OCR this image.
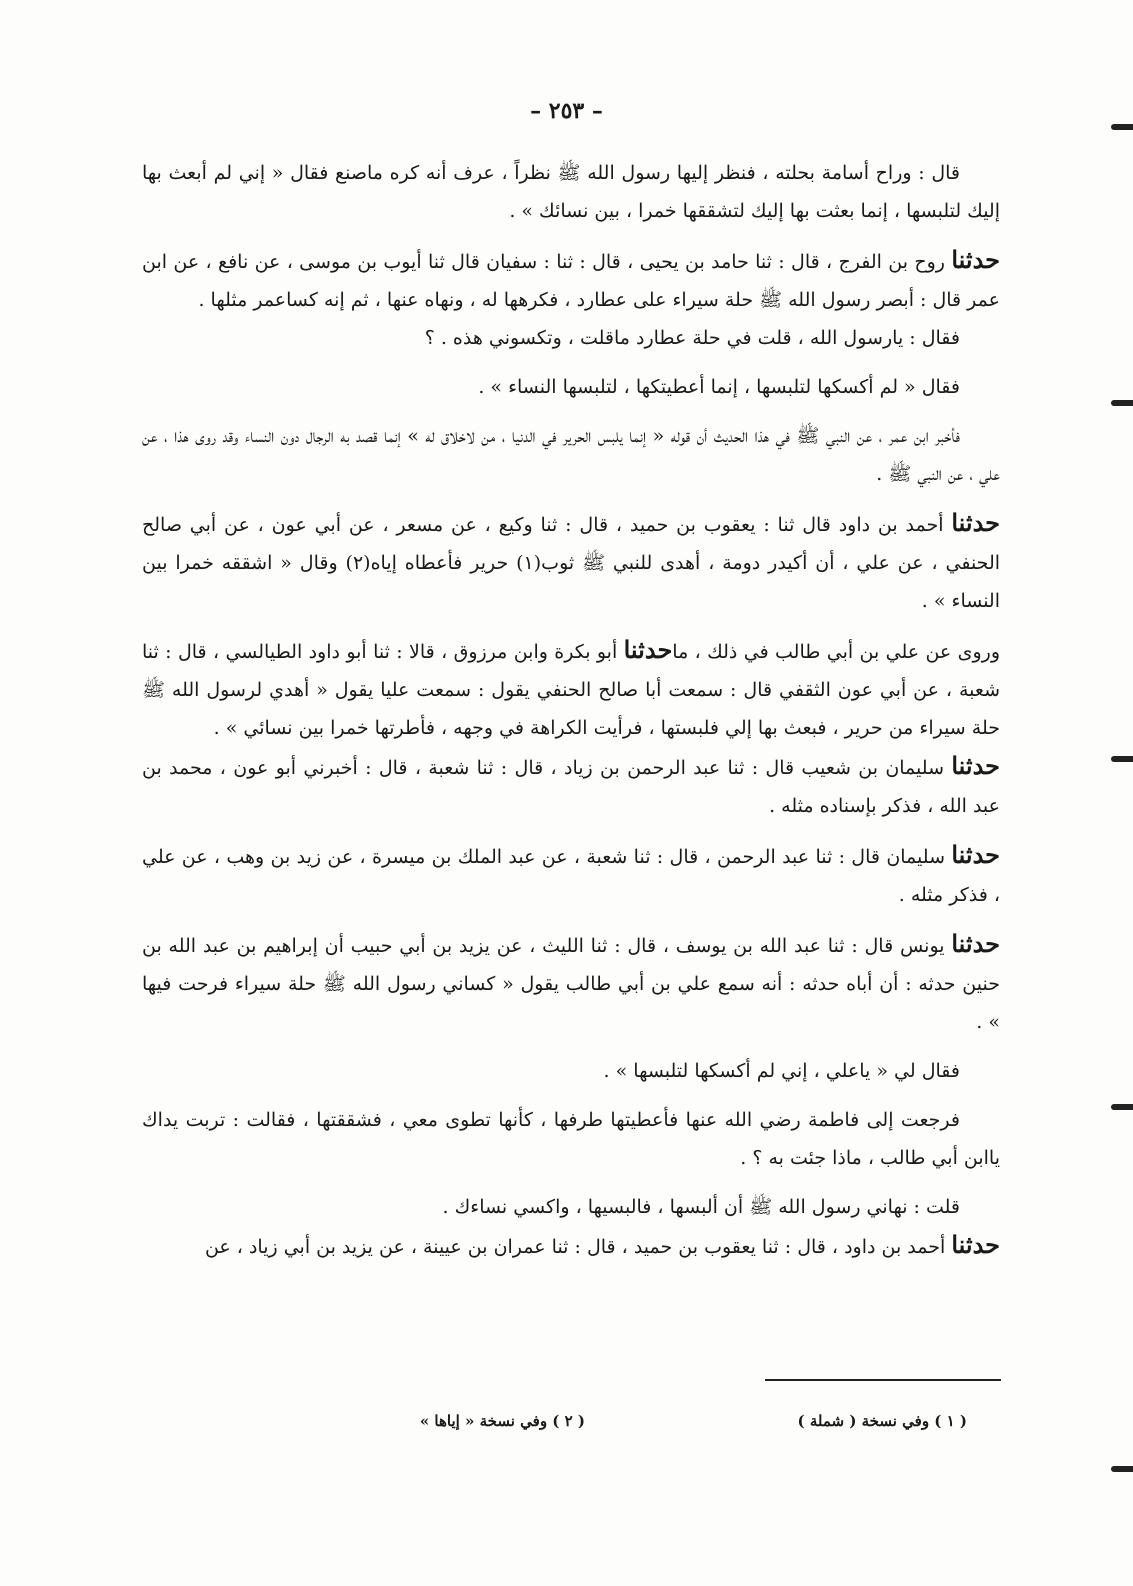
– ٢٥٣ –

قال : وراح أسامة بحلته ، فنظر إليها رسول الله ﷺ نظراً ، عرف أنه كره ماصنع فقال « إني لم أبعث بها إليك لتلبسها ، إنما بعثت بها إليك لتشققها خمرا ، بين نسائك » .

حدثنا روح بن الفرج ، قال : ثنا حامد بن يحيى ، قال : ثنا : سفيان قال ثنا أيوب بن موسى ، عن نافع ، عن ابن عمر قال : أبصر رسول الله ﷺ حلة سيراء على عطارد ، فكرهها له ، ونهاه عنها ، ثم إنه كساعمر مثلها .

فقال : يارسول الله ، قلت في حلة عطارد ماقلت ، وتكسوني هذه . ؟

فقال « لم أكسكها لتلبسها ، إنما أعطيتكها ، لتلبسها النساء » .

فأخبر ابن عمر ، عن النبي ﷺ في هذا الحديث أن قوله « إنما يلبس الحرير في الدنيا ، من لاخلاق له » إنما قصد به الرجال دون النساء وقد روى هذا ، عن علي ، عن النبي ﷺ .

حدثنا أحمد بن داود قال ثنا : يعقوب بن حميد ، قال : ثنا وكيع ، عن مسعر ، عن أبي عون ، عن أبي صالح الحنفي ، عن علي ، أن أكيدر دومة ، أهدى للنبي ﷺ ثوب(١) حرير فأعطاه إياه(٢) وقال « اشققه خمرا بين النساء » .

وروى عن علي بن أبي طالب في ذلك ، ماحدثنا أبو بكرة وابن مرزوق ، قالا : ثنا أبو داود الطيالسي ، قال : ثنا شعبة ، عن أبي عون الثقفي قال : سمعت أبا صالح الحنفي يقول : سمعت عليا يقول « أهدي لرسول الله ﷺ حلة سيراء من حرير ، فبعث بها إلي فلبستها ، فرأيت الكراهة في وجهه ، فأطرتها خمرا بين نسائي » .

حدثنا سليمان بن شعيب قال : ثنا عبد الرحمن بن زياد ، قال : ثنا شعبة ، قال : أخبرني أبو عون ، محمد بن عبد الله ، فذكر بإسناده مثله .

حدثنا سليمان قال : ثنا عبد الرحمن ، قال : ثنا شعبة ، عن عبد الملك بن ميسرة ، عن زيد بن وهب ، عن علي ، فذكر مثله .

حدثنا يونس قال : ثنا عبد الله بن يوسف ، قال : ثنا الليث ، عن يزيد بن أبي حبيب أن إبراهيم بن عبد الله بن حنين حدثه : أن أباه حدثه : أنه سمع علي بن أبي طالب يقول « كساني رسول الله ﷺ حلة سيراء فرحت فيها » .

فقال لي « ياعلي ، إني لم أكسكها لتلبسها » .

فرجعت إلى فاطمة رضي الله عنها فأعطيتها طرفها ، كأنها تطوى معي ، فشققتها ، فقالت : تربت يداك ياابن أبي طالب ، ماذا جئت به ؟ .

قلت : نهاني رسول الله ﷺ أن ألبسها ، فالبسيها ، واكسي نساءك .

حدثنا أحمد بن داود ، قال : ثنا يعقوب بن حميد ، قال : ثنا عمران بن عيينة ، عن يزيد بن أبي زياد ، عن

( ١ ) وفي نسخة ( شملة )
( ٢ ) وفي نسخة « إياها »
